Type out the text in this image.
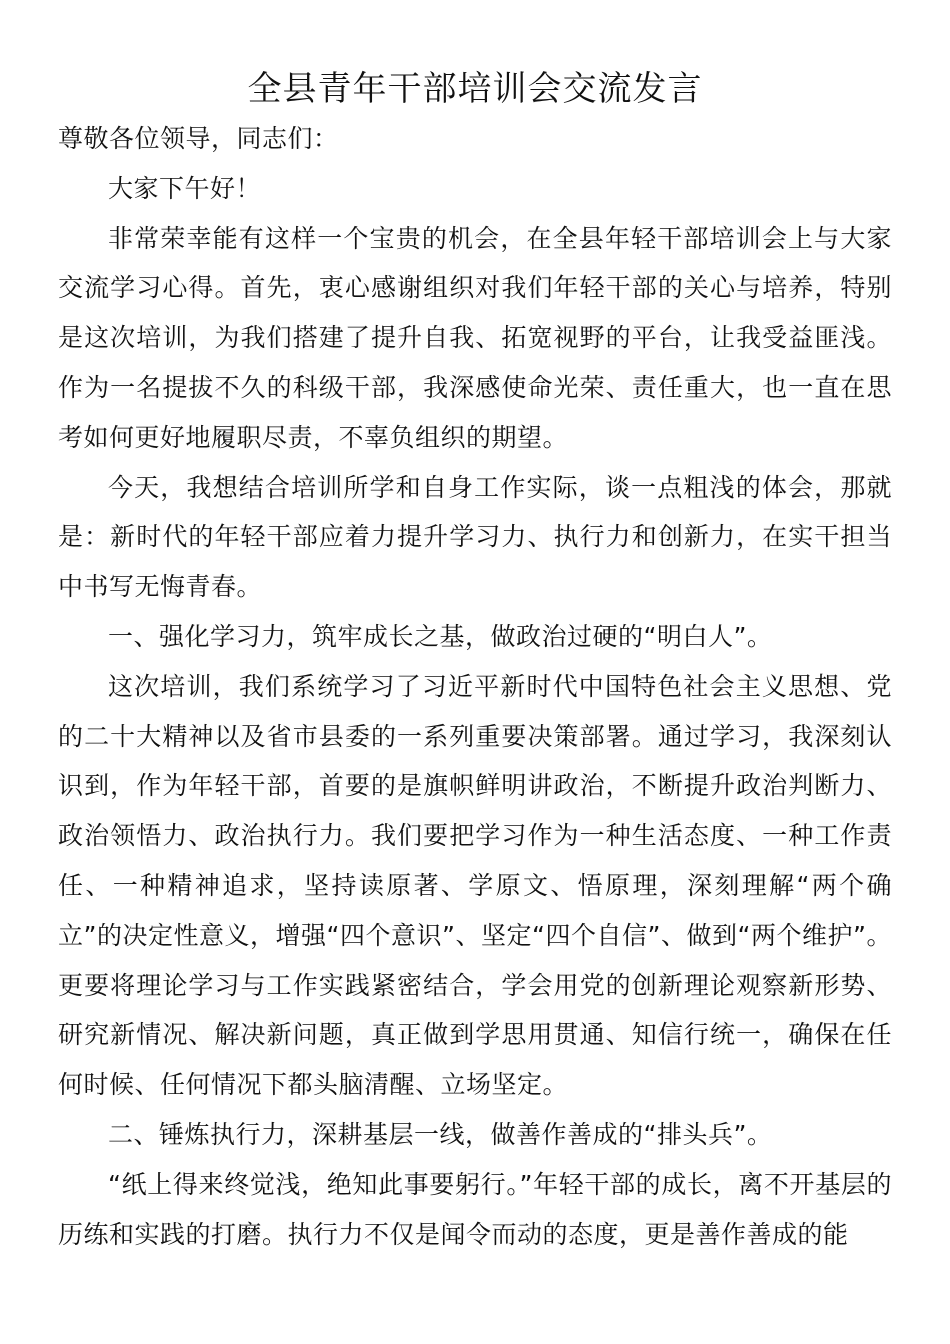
全县青年干部培训会交流发言

尊敬各位领导，同志们：

大家下午好！

非常荣幸能有这样一个宝贵的机会，在全县年轻干部培训会上与大家交流学习心得。首先，衷心感谢组织对我们年轻干部的关心与培养，特别是这次培训，为我们搭建了提升自我、拓宽视野的平台，让我受益匪浅。作为一名提拔不久的科级干部，我深感使命光荣、责任重大，也一直在思考如何更好地履职尽责，不辜负组织的期望。

今天，我想结合培训所学和自身工作实际，谈一点粗浅的体会，那就是：新时代的年轻干部应着力提升学习力、执行力和创新力，在实干担当中书写无悔青春。

一、强化学习力，筑牢成长之基，做政治过硬的“明白人”。

这次培训，我们系统学习了习近平新时代中国特色社会主义思想、党的二十大精神以及省市县委的一系列重要决策部署。通过学习，我深刻认识到，作为年轻干部，首要的是旗帜鲜明讲政治，不断提升政治判断力、政治领悟力、政治执行力。我们要把学习作为一种生活态度、一种工作责任、一种精神追求，坚持读原著、学原文、悟原理，深刻理解“两个确立”的决定性意义，增强“四个意识”、坚定“四个自信”、做到“两个维护”。更要将理论学习与工作实践紧密结合，学会用党的创新理论观察新形势、研究新情况、解决新问题，真正做到学思用贯通、知信行统一，确保在任何时候、任何情况下都头脑清醒、立场坚定。

二、锤炼执行力，深耕基层一线，做善作善成的“排头兵”。

“纸上得来终觉浅，绝知此事要躬行。”年轻干部的成长，离不开基层的历练和实践的打磨。执行力不仅是闻令而动的态度，更是善作善成的能
